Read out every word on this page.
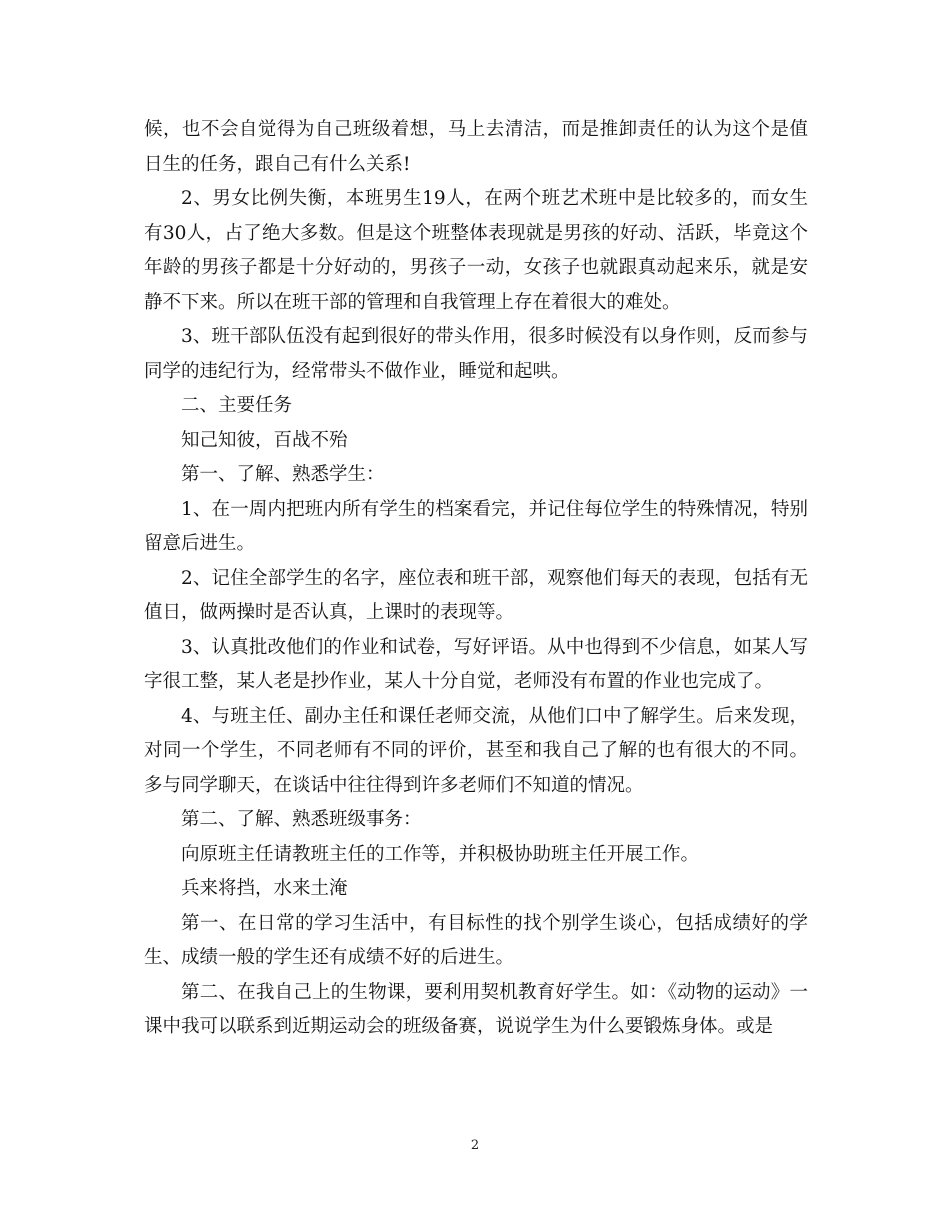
候，也不会自觉得为自己班级着想，马上去清洁，而是推卸责任的认为这个是值日生的任务，跟自己有什么关系!

2、男女比例失衡，本班男生19人，在两个班艺术班中是比较多的，而女生有30人，占了绝大多数。但是这个班整体表现就是男孩的好动、活跃，毕竟这个年龄的男孩子都是十分好动的，男孩子一动，女孩子也就跟真动起来乐，就是安静不下来。所以在班干部的管理和自我管理上存在着很大的难处。

3、班干部队伍没有起到很好的带头作用，很多时候没有以身作则，反而参与同学的违纪行为，经常带头不做作业，睡觉和起哄。

二、主要任务

知己知彼，百战不殆

第一、了解、熟悉学生：

1、在一周内把班内所有学生的档案看完，并记住每位学生的特殊情况，特别留意后进生。

2、记住全部学生的名字，座位表和班干部，观察他们每天的表现，包括有无值日，做两操时是否认真，上课时的表现等。

3、认真批改他们的作业和试卷，写好评语。从中也得到不少信息，如某人写字很工整，某人老是抄作业，某人十分自觉，老师没有布置的作业也完成了。

4、与班主任、副办主任和课任老师交流，从他们口中了解学生。后来发现，对同一个学生，不同老师有不同的评价，甚至和我自己了解的也有很大的不同。多与同学聊天，在谈话中往往得到许多老师们不知道的情况。

第二、了解、熟悉班级事务：

向原班主任请教班主任的工作等，并积极协助班主任开展工作。

兵来将挡，水来土淹

第一、在日常的学习生活中，有目标性的找个别学生谈心，包括成绩好的学生、成绩一般的学生还有成绩不好的后进生。

第二、在我自己上的生物课，要利用契机教育好学生。如：《动物的运动》一课中我可以联系到近期运动会的班级备赛，说说学生为什么要锻炼身体。或是

2
